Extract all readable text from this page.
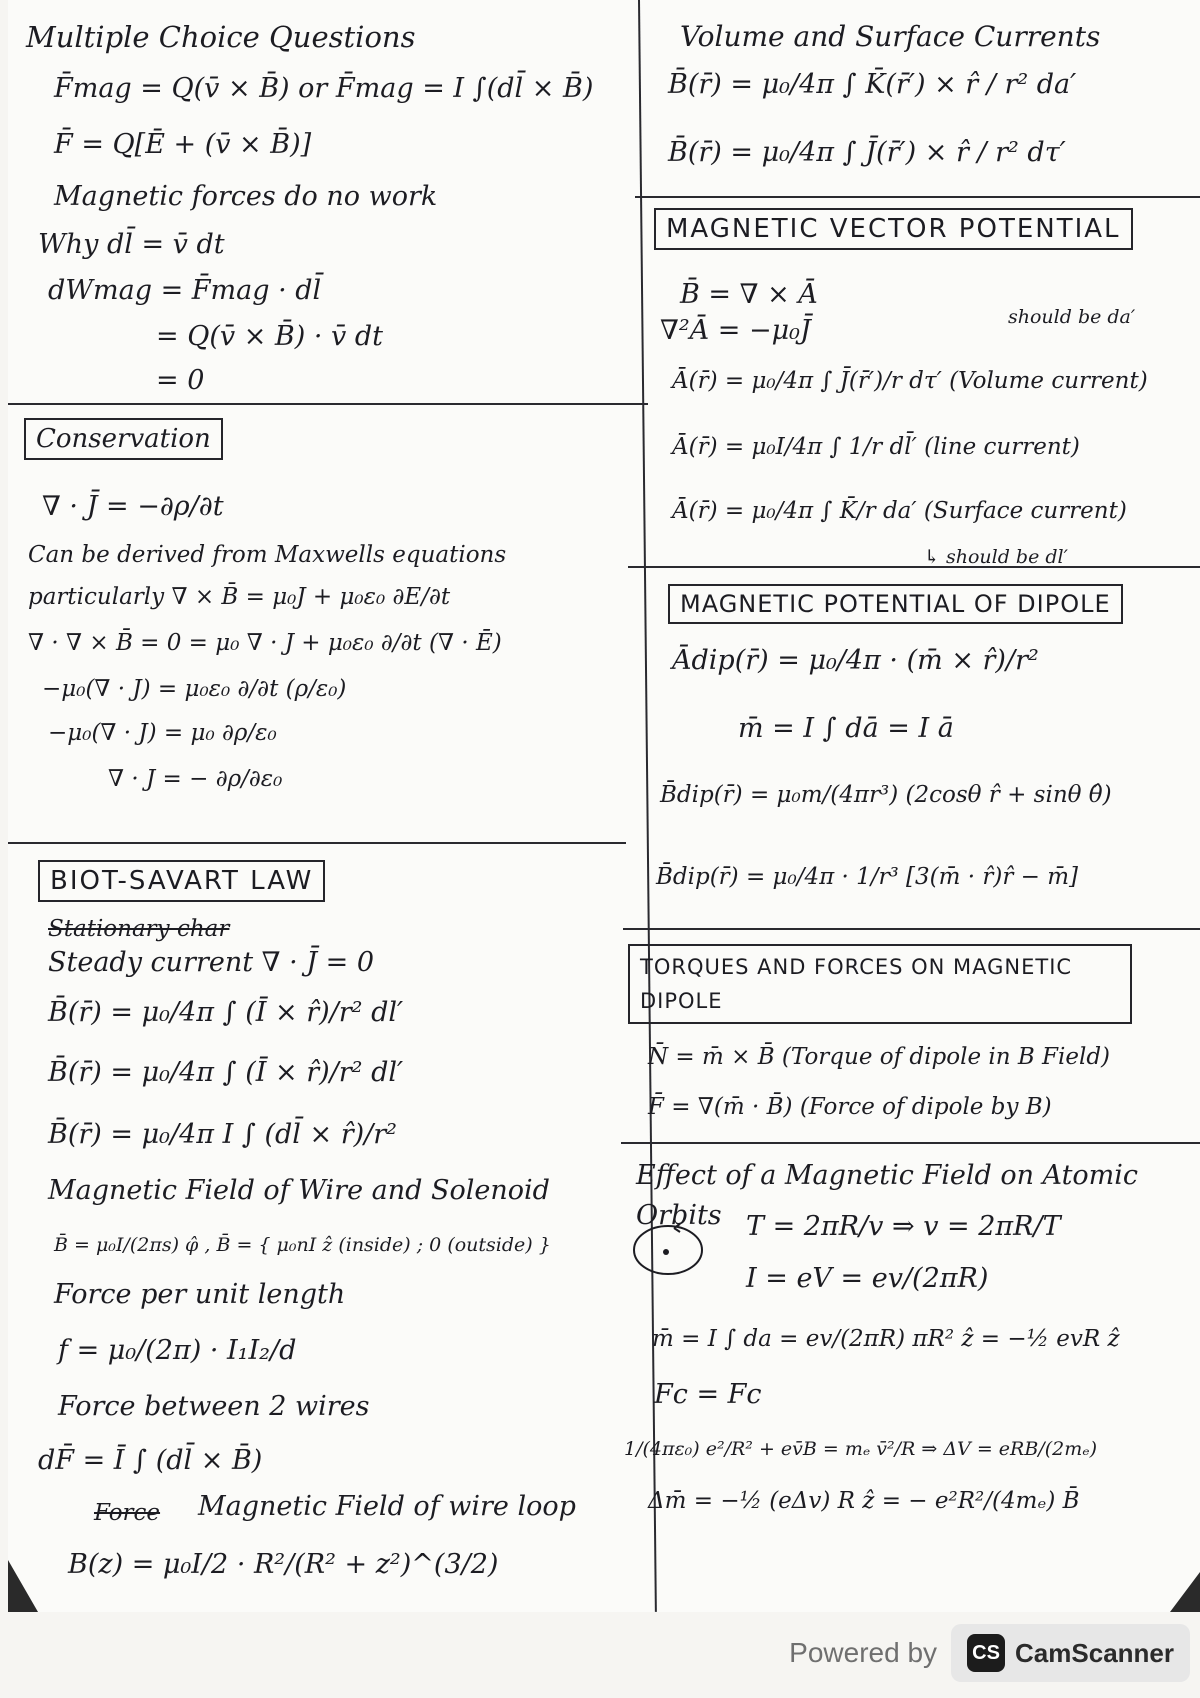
Multiple Choice Questions
F̄mag = Q(v̄ × B̄) or F̄mag = I ∫(dl̄ × B̄)
F̄ = Q[Ē + (v̄ × B̄)]
Magnetic forces do no work
Why dl̄ = v̄ dt
dWmag = F̄mag · dl̄
= Q(v̄ × B̄) · v̄ dt
= 0
Conservation
∇ · J̄ = −∂ρ/∂t
Can be derived from Maxwells equations
particularly ∇ × B̄ = μ₀J + μ₀ε₀ ∂E/∂t
∇ · ∇ × B̄ = 0 = μ₀ ∇ · J + μ₀ε₀ ∂/∂t (∇ · Ē)
−μ₀(∇ · J) = μ₀ε₀ ∂/∂t (ρ/ε₀)
−μ₀(∇ · J) = μ₀ ∂ρ/ε₀
∇ · J = − ∂ρ/∂ε₀
BIOT-SAVART LAW
Stationary char
Steady current ∇ · J̄ = 0
B̄(r̄) = μ₀/4π ∫ (Ī × r̂)/r² dl′
B̄(r̄) = μ₀/4π ∫ (Ī × r̂)/r² dl′
B̄(r̄) = μ₀/4π I ∫ (dl̄ × r̂)/r²
Magnetic Field of Wire and Solenoid
B̄ = μ₀I/(2πs) φ̂ , B̄ = { μ₀nI ẑ (inside) ; 0 (outside) }
Force per unit length
f = μ₀/(2π) · I₁I₂/d
Force between 2 wires
dF̄ = Ī ∫ (dl̄ × B̄)
Force Magnetic Field of wire loop
B(z) = μ₀I/2 · R²/(R² + z²)^(3/2)
Volume and Surface Currents
B̄(r̄) = μ₀/4π ∫ K̄(r̄′) × r̂ / r² da′
B̄(r̄) = μ₀/4π ∫ J̄(r̄′) × r̂ / r² dτ′
MAGNETIC VECTOR POTENTIAL
B̄ = ∇ × Ā
should be da′
∇²Ā = −μ₀J̄
Ā(r̄) = μ₀/4π ∫ J̄(r̄′)/r dτ′ (Volume current)
Ā(r̄) = μ₀I/4π ∫ 1/r dl̄′ (line current)
Ā(r̄) = μ₀/4π ∫ K̄/r da′ (Surface current)
↳ should be dl′
MAGNETIC POTENTIAL OF DIPOLE
Ādip(r̄) = μ₀/4π · (m̄ × r̂)/r²
m̄ = I ∫ dā = I ā
B̄dip(r̄) = μ₀m/(4πr³) (2cosθ r̂ + sinθ θ̂)
B̄dip(r̄) = μ₀/4π · 1/r³ [3(m̄ · r̂)r̂ − m̄]
TORQUES AND FORCES ON MAGNETIC DIPOLE
N̄ = m̄ × B̄ (Torque of dipole in B Field)
F̄ = ∇(m̄ · B̄) (Force of dipole by B)
Effect of a Magnetic Field on Atomic Orbits T = 2πR/v ⇒ v = 2πR/T
I = eV = ev/(2πR)
m̄ = I ∫ da = ev/(2πR) πR² ẑ = −½ evR ẑ
Fc = Fc
1/(4πε₀) e²/R² + ev̄B = mₑ v̄²/R ⇒ ΔV = eRB/(2mₑ)
Δm̄ = −½ (eΔv) R ẑ = − e²R²/(4mₑ) B̄
Powered by CS CamScanner
